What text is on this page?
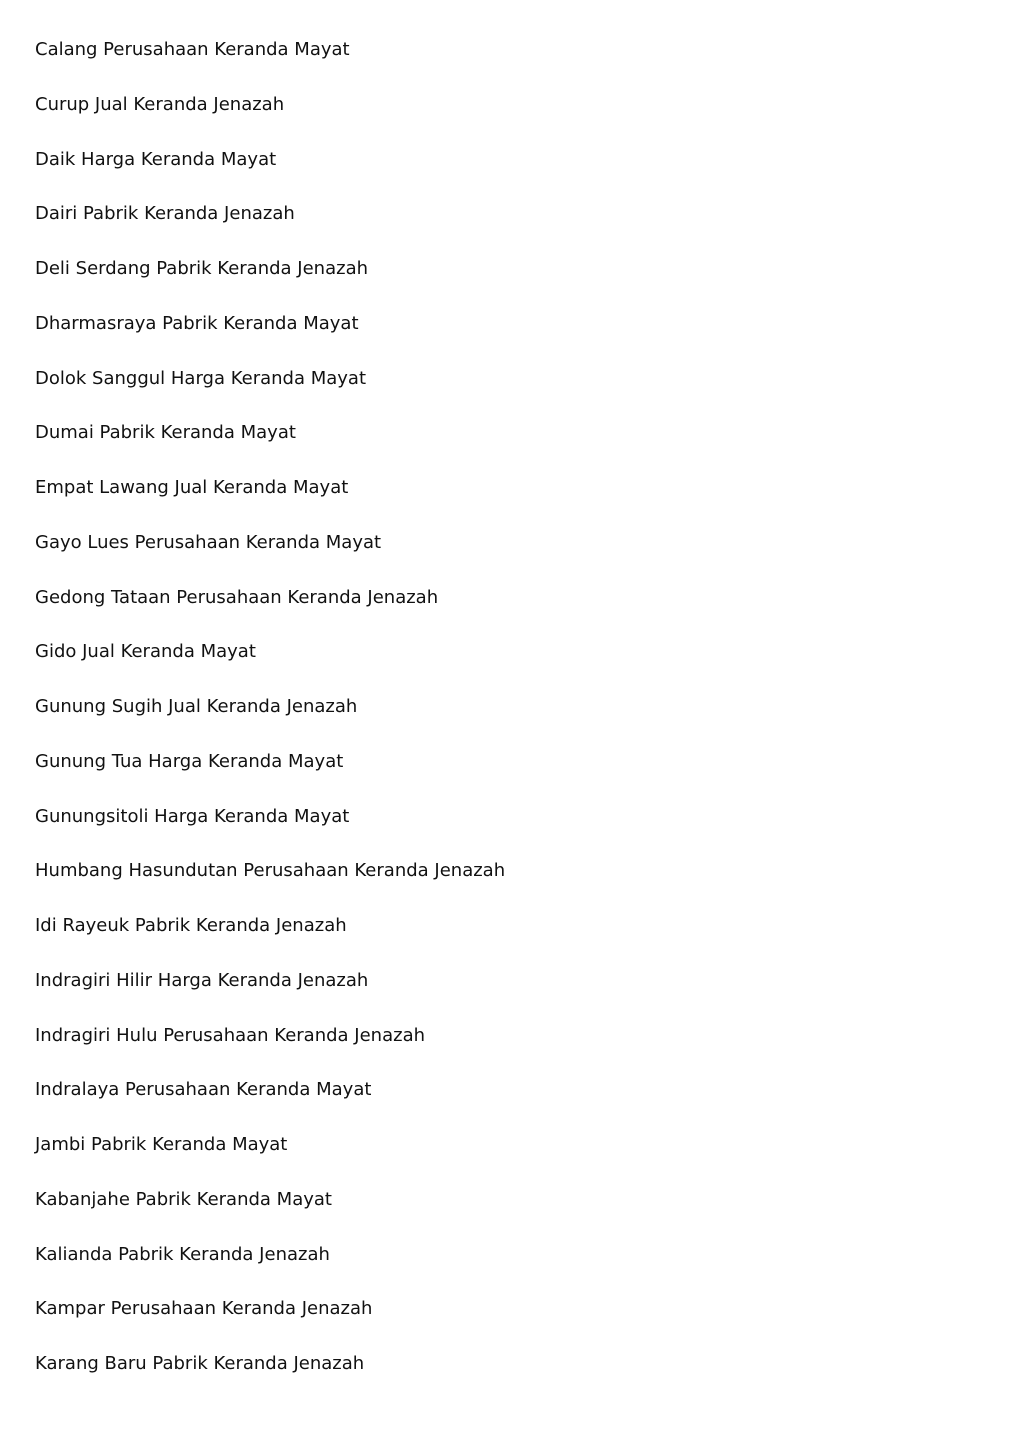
Calang Perusahaan Keranda Mayat
Curup Jual Keranda Jenazah
Daik Harga Keranda Mayat
Dairi Pabrik Keranda Jenazah
Deli Serdang Pabrik Keranda Jenazah
Dharmasraya Pabrik Keranda Mayat
Dolok Sanggul Harga Keranda Mayat
Dumai Pabrik Keranda Mayat
Empat Lawang Jual Keranda Mayat
Gayo Lues Perusahaan Keranda Mayat
Gedong Tataan Perusahaan Keranda Jenazah
Gido Jual Keranda Mayat
Gunung Sugih Jual Keranda Jenazah
Gunung Tua Harga Keranda Mayat
Gunungsitoli Harga Keranda Mayat
Humbang Hasundutan Perusahaan Keranda Jenazah
Idi Rayeuk Pabrik Keranda Jenazah
Indragiri Hilir Harga Keranda Jenazah
Indragiri Hulu Perusahaan Keranda Jenazah
Indralaya Perusahaan Keranda Mayat
Jambi Pabrik Keranda Mayat
Kabanjahe Pabrik Keranda Mayat
Kalianda Pabrik Keranda Jenazah
Kampar Perusahaan Keranda Jenazah
Karang Baru Pabrik Keranda Jenazah
